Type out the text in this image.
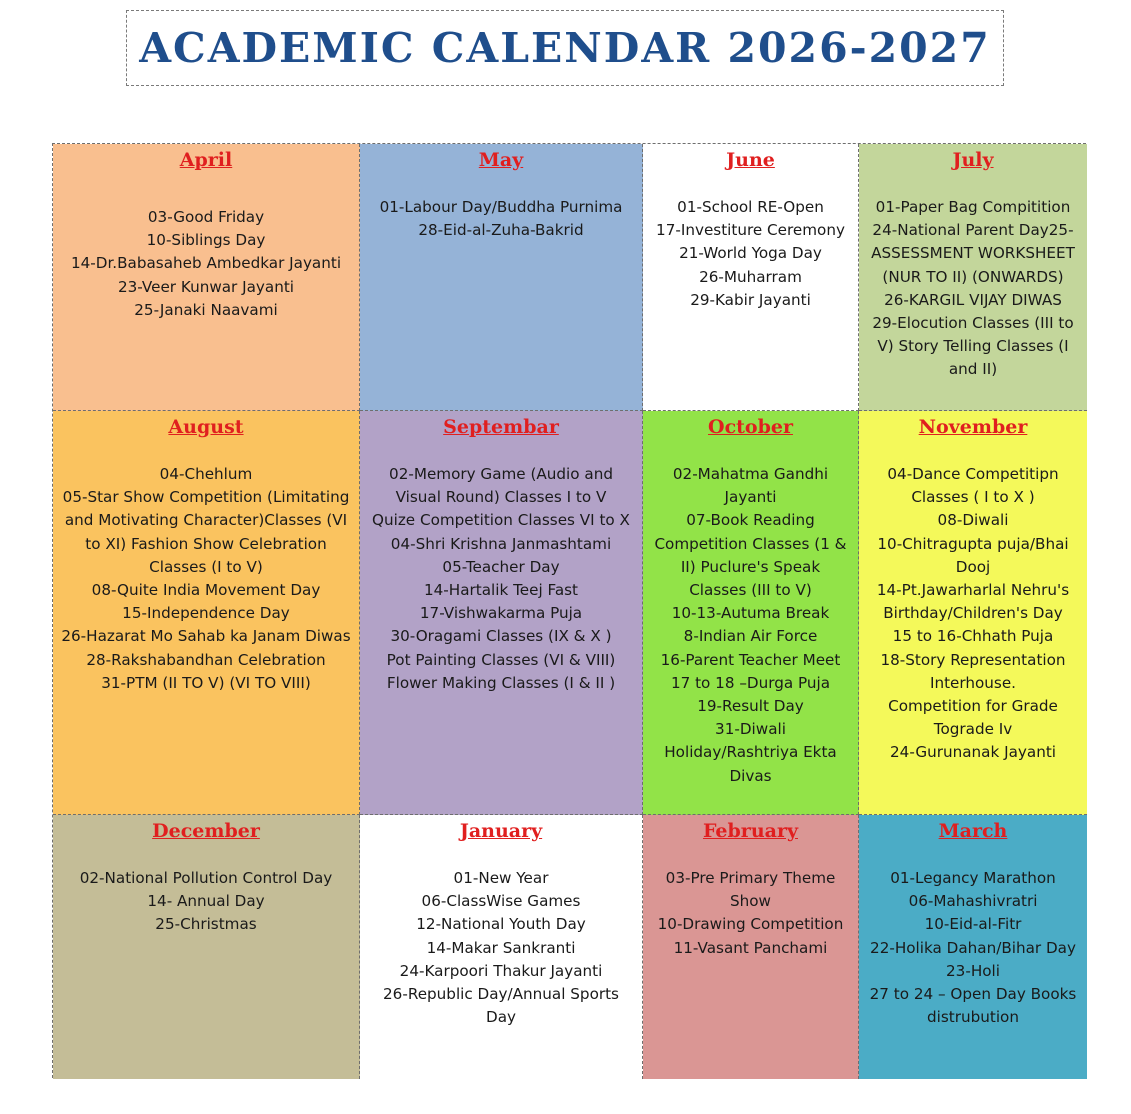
ACADEMIC CALENDAR 2026-2027
April
03-Good Friday
10-Siblings Day
14-Dr.Babasaheb Ambedkar Jayanti
23-Veer Kunwar Jayanti
25-Janaki Naavami
May
01-Labour Day/Buddha Purnima
28-Eid-al-Zuha-Bakrid
June
01-School RE-Open
17-Investiture Ceremony
21-World Yoga Day
26-Muharram
29-Kabir Jayanti
July
01-Paper Bag Compitition
24-National Parent Day25-ASSESSMENT WORKSHEET (NUR TO II) (ONWARDS)
26-KARGIL VIJAY DIWAS
29-Elocution Classes (III to V) Story Telling Classes (I and II)
August
04-Chehlum
05-Star Show Competition (Limitating and Motivating Character)Classes (VI to XI) Fashion Show Celebration Classes (I to V)
08-Quite India Movement Day
15-Independence Day
26-Hazarat Mo Sahab ka Janam Diwas
28-Rakshabandhan Celebration
31-PTM (II TO V) (VI TO VIII)
Septembar
02-Memory Game (Audio and Visual Round) Classes I to V
Quize Competition Classes VI to X
04-Shri Krishna Janmashtami
05-Teacher Day
14-Hartalik Teej Fast
17-Vishwakarma Puja
30-Oragami Classes (IX & X )
Pot Painting Classes (VI & VIII)
Flower Making Classes (I & II )
October
02-Mahatma Gandhi Jayanti
07-Book Reading Competition Classes (1 & II) Puclure's Speak Classes (III to V)
10-13-Autuma Break
8-Indian Air Force
16-Parent Teacher Meet
17 to 18 –Durga Puja
19-Result Day
31-Diwali Holiday/Rashtriya Ekta Divas
November
04-Dance Competitipn Classes ( I to X )
08-Diwali
10-Chitragupta puja/Bhai Dooj
14-Pt.Jawarharlal Nehru's Birthday/Children's Day
15 to 16-Chhath Puja
18-Story Representation Interhouse.
Competition for Grade Tograde Iv
24-Gurunanak Jayanti
December
02-National Pollution Control Day
14- Annual Day
25-Christmas
January
01-New Year
06-ClassWise Games
12-National Youth Day
14-Makar Sankranti
24-Karpoori Thakur Jayanti
26-Republic Day/Annual Sports Day
February
03-Pre Primary Theme Show
10-Drawing Competition
11-Vasant Panchami
March
01-Legancy Marathon
06-Mahashivratri
10-Eid-al-Fitr
22-Holika Dahan/Bihar Day
23-Holi
27 to 24 – Open Day Books distrubution
